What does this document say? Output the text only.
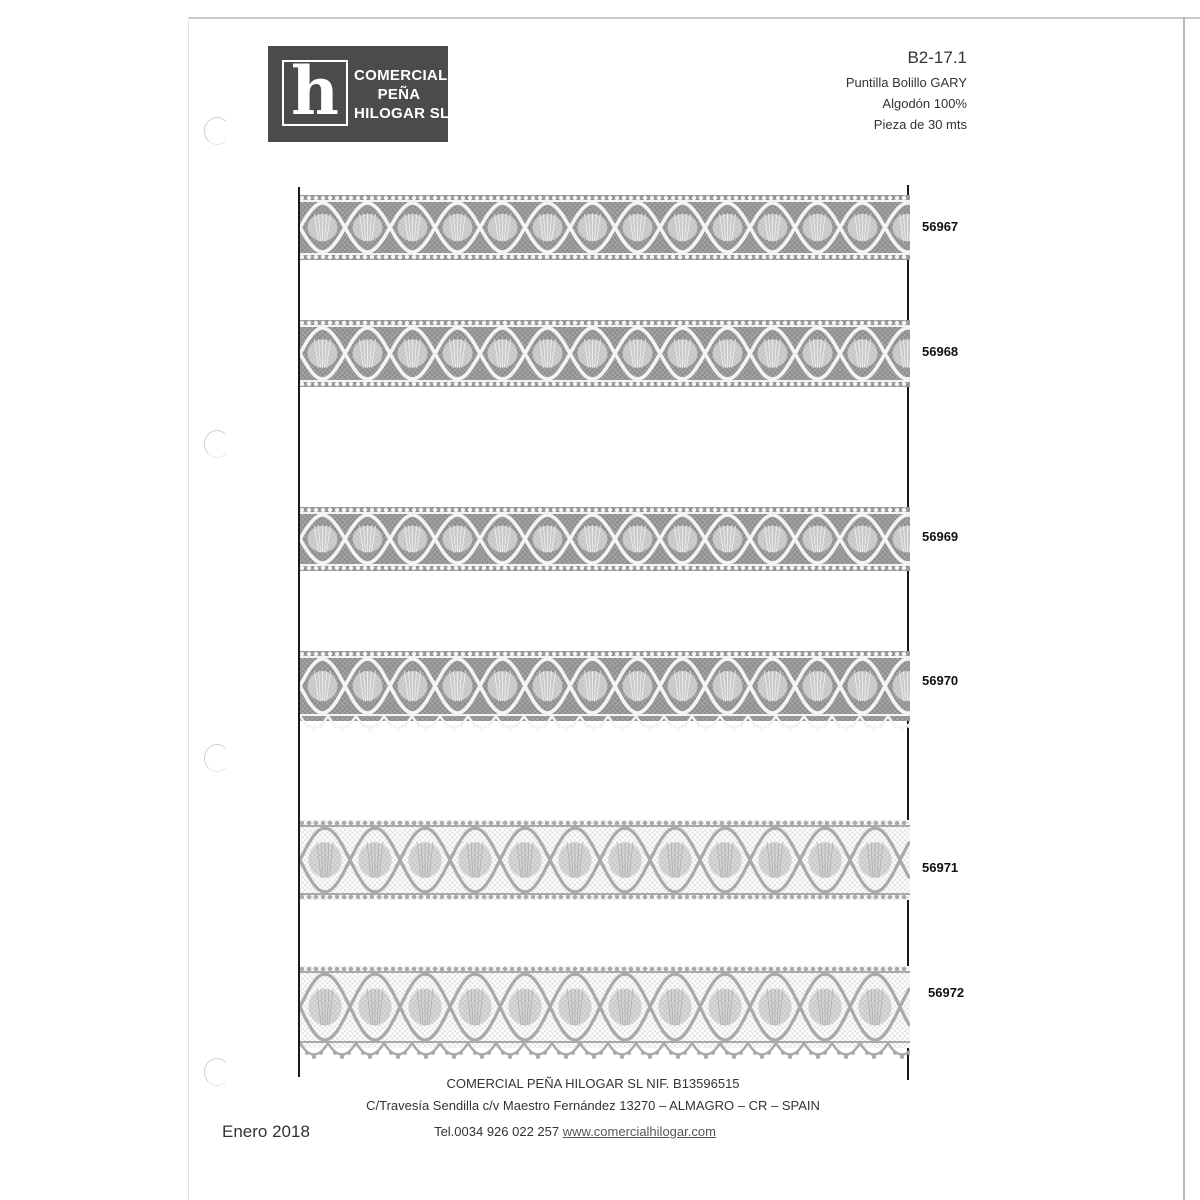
h	COMERCIAL
PEÑA
HILOGAR SL
B2-17.1
Puntilla Bolillo GARY
Algodón 100%
Pieza de 30 mts
56967
56968
56969
56970
56971
56972
COMERCIAL PEÑA HILOGAR SL NIF. B13596515
C/Travesía Sendilla c/v Maestro Fernández 13270 – ALMAGRO – CR – SPAIN
Tel.0034 926 022 257 www.comercialhilogar.com
Enero 2018
